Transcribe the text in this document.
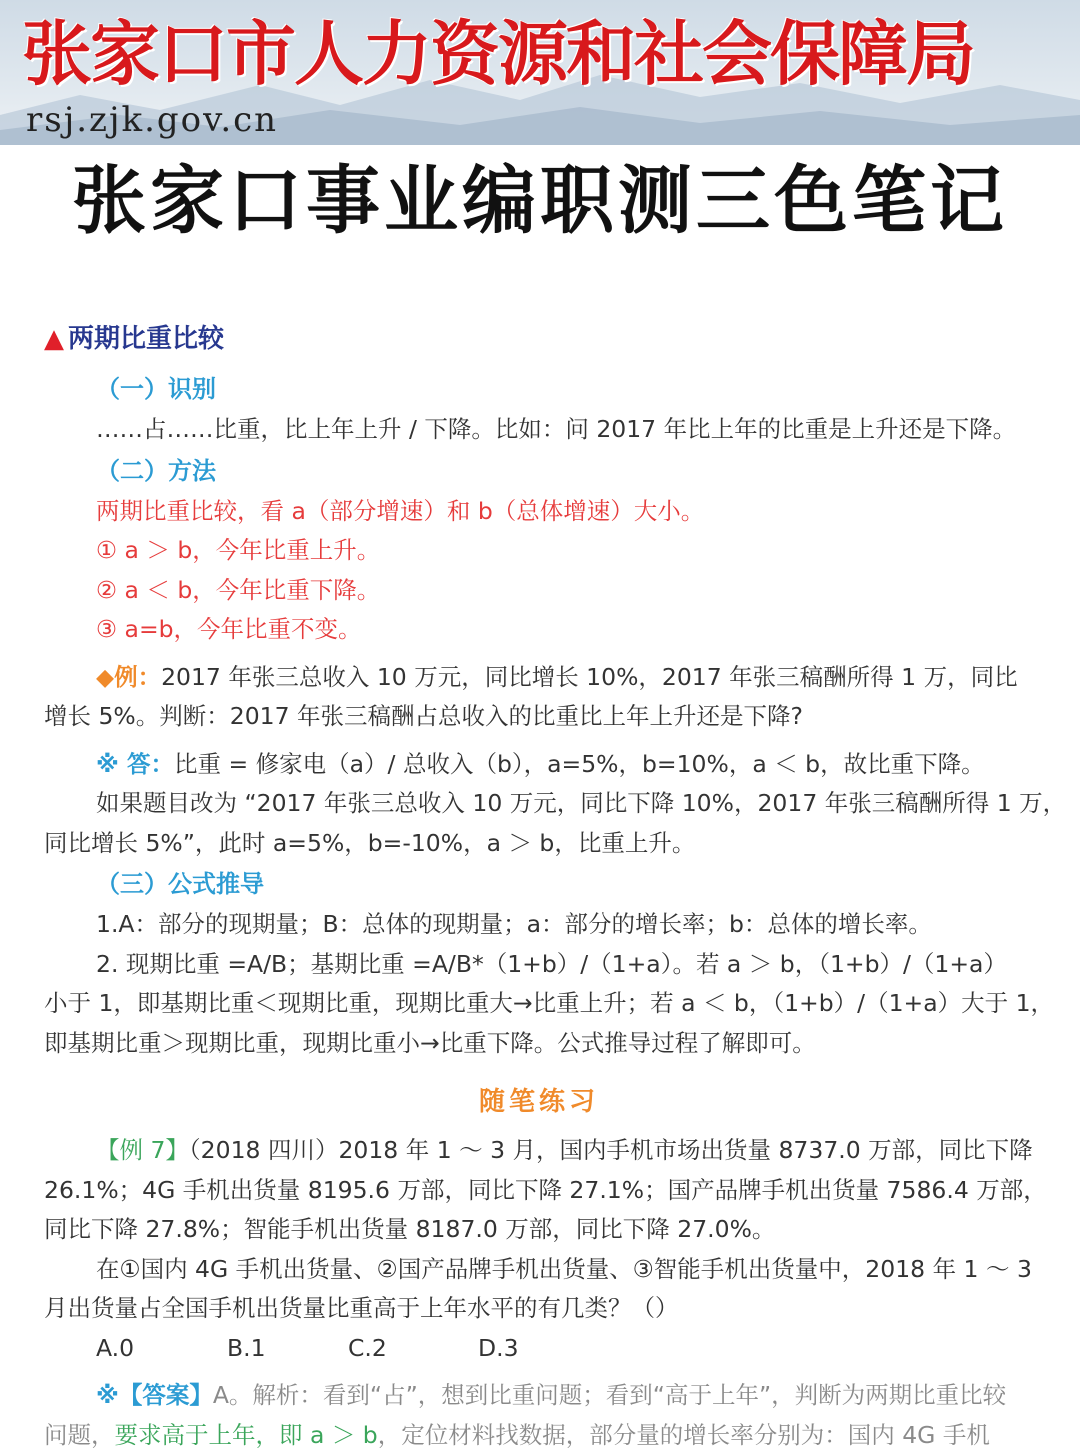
张家口市人力资源和社会保障局
rsj.zjk.gov.cn
张家口事业编职测三色笔记
▲ 两期比重比较
（一）识别
……占……比重，比上年上升 / 下降。比如：问 2017 年比上年的比重是上升还是下降。
（二）方法
两期比重比较，看 a（部分增速）和 b（总体增速）大小。
① a ＞ b，今年比重上升。
② a ＜ b，今年比重下降。
③ a=b，今年比重不变。
◆例：2017 年张三总收入 10 万元，同比增长 10%，2017 年张三稿酬所得 1 万，同比
增长 5%。判断：2017 年张三稿酬占总收入的比重比上年上升还是下降?
※ 答：比重 = 修家电（a）/ 总收入（b），a=5%，b=10%，a ＜ b，故比重下降。
如果题目改为 “2017 年张三总收入 10 万元，同比下降 10%，2017 年张三稿酬所得 1 万，
同比增长 5%”，此时 a=5%，b=-10%，a ＞ b，比重上升。
（三）公式推导
1.A：部分的现期量；B：总体的现期量；a：部分的增长率；b：总体的增长率。
2. 现期比重 =A/B；基期比重 =A/B*（1+b）/（1+a）。若 a ＞ b，（1+b）/（1+a）
小于 1，即基期比重＜现期比重，现期比重大→比重上升；若 a ＜ b，（1+b）/（1+a）大于 1，
即基期比重＞现期比重，现期比重小→比重下降。公式推导过程了解即可。
随笔练习
【例 7】（2018 四川）2018 年 1 ～ 3 月，国内手机市场出货量 8737.0 万部，同比下降
26.1%；4G 手机出货量 8195.6 万部，同比下降 27.1%；国产品牌手机出货量 7586.4 万部，
同比下降 27.8%；智能手机出货量 8187.0 万部，同比下降 27.0%。
在①国内 4G 手机出货量、②国产品牌手机出货量、③智能手机出货量中，2018 年 1 ～ 3
月出货量占全国手机出货量比重高于上年水平的有几类？（）
A.0	B.1	C.2	D.3
※【答案】A。解析：看到“占”，想到比重问题；看到“高于上年”，判断为两期比重比较
问题，要求高于上年，即 a ＞ b，定位材料找数据，部分量的增长率分别为：国内 4G 手机
